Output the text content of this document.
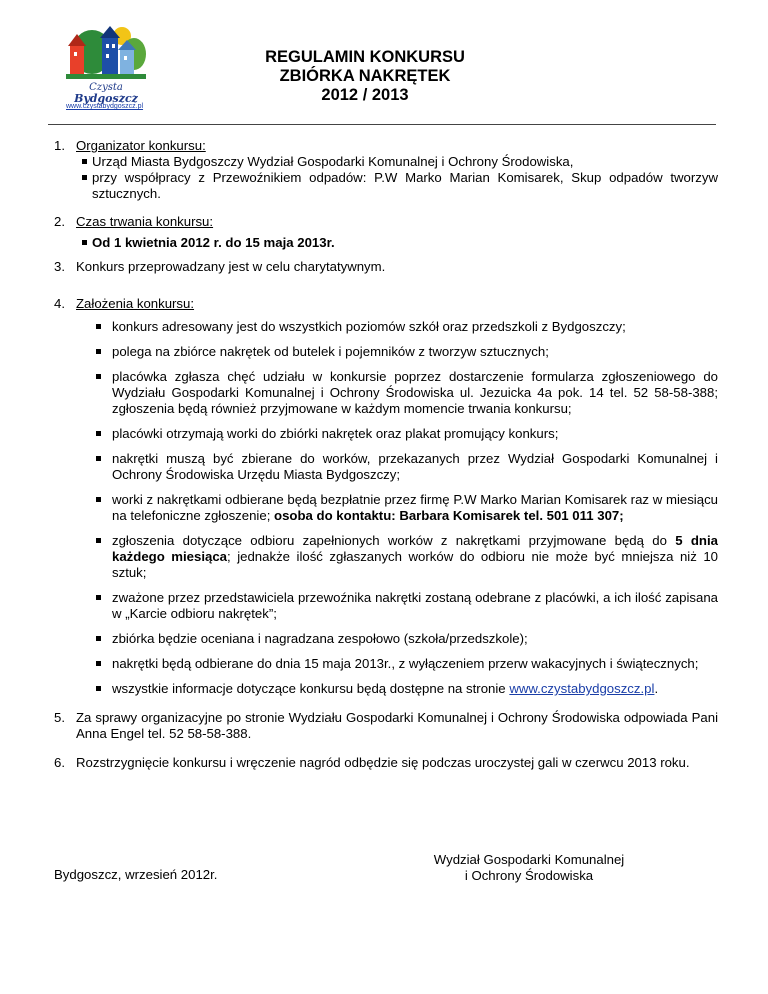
Czysta
Bydgoszcz
www.czystabydgoszcz.pl
REGULAMIN KONKURSU
ZBIÓRKA NAKRĘTEK
2012 / 2013
1. Organizator konkursu:
Urząd Miasta Bydgoszczy Wydział Gospodarki Komunalnej i Ochrony Środowiska,
przy współpracy z Przewoźnikiem odpadów: P.W Marko Marian Komisarek, Skup odpadów tworzyw sztucznych.
2. Czas trwania konkursu:
Od 1 kwietnia 2012 r. do 15 maja 2013r.
3. Konkurs przeprowadzany jest w celu charytatywnym.
4. Założenia konkursu:
konkurs adresowany jest do wszystkich poziomów szkół oraz przedszkoli z Bydgoszczy;
polega na zbiórce nakrętek od butelek i pojemników z tworzyw sztucznych;
placówka zgłasza chęć udziału w konkursie poprzez dostarczenie formularza zgłoszeniowego do Wydziału Gospodarki Komunalnej i Ochrony Środowiska ul. Jezuicka 4a pok. 14 tel. 52 58-58-388; zgłoszenia będą również przyjmowane w każdym momencie trwania konkursu;
placówki otrzymają worki do zbiórki nakrętek oraz plakat promujący konkurs;
nakrętki muszą być zbierane do worków, przekazanych przez Wydział Gospodarki Komunalnej i Ochrony Środowiska Urzędu Miasta Bydgoszczy;
worki z nakrętkami odbierane będą bezpłatnie przez firmę P.W Marko Marian Komisarek raz w miesiącu na telefoniczne zgłoszenie; osoba do kontaktu: Barbara Komisarek tel. 501 011 307;
zgłoszenia dotyczące odbioru zapełnionych worków z nakrętkami przyjmowane będą do 5 dnia każdego miesiąca; jednakże ilość zgłaszanych worków do odbioru nie może być mniejsza niż 10 sztuk;
zważone przez przedstawiciela przewoźnika nakrętki zostaną odebrane z placówki, a ich ilość zapisana w „Karcie odbioru nakrętek”;
zbiórka będzie oceniana i nagradzana zespołowo (szkoła/przedszkole);
nakrętki będą odbierane do dnia 15 maja 2013r., z wyłączeniem przerw wakacyjnych i świątecznych;
wszystkie informacje dotyczące konkursu będą dostępne na stronie www.czystabydgoszcz.pl.
5. Za sprawy organizacyjne po stronie Wydziału Gospodarki Komunalnej i Ochrony Środowiska odpowiada Pani Anna Engel tel. 52 58-58-388.
6. Rozstrzygnięcie konkursu i wręczenie nagród odbędzie się podczas uroczystej gali w czerwcu 2013 roku.
Bydgoszcz, wrzesień 2012r.
Wydział Gospodarki Komunalnej
i Ochrony Środowiska
